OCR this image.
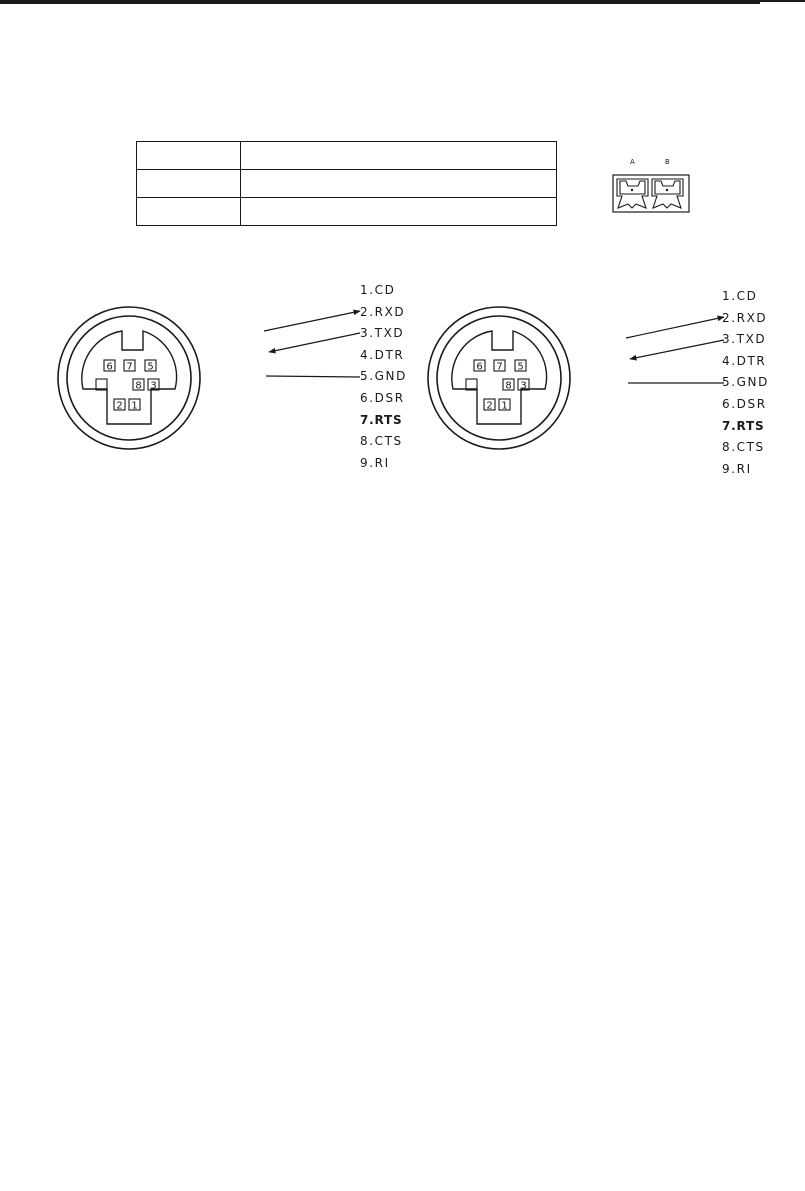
A	B
6 7 5
8 3
2 1
6 7 5
8 3
2 1
1.CD
2.RXD
3.TXD
4.DTR
5.GND
6.DSR
7.RTS
8.CTS
9.RI
1.CD
2.RXD
3.TXD
4.DTR
5.GND
6.DSR
7.RTS
8.CTS
9.RI
